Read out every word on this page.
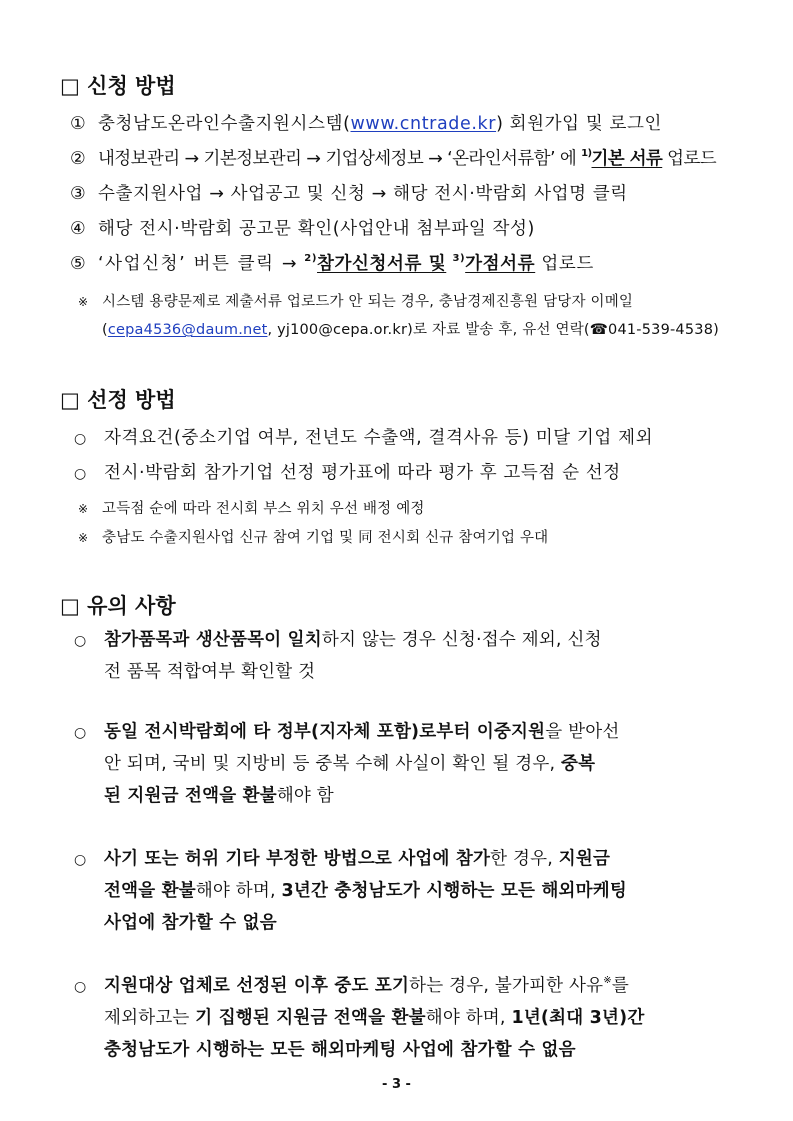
□ 신청 방법
① 충청남도온라인수출지원시스템(www.cntrade.kr) 회원가입 및 로그인
② 내정보관리 → 기본정보관리 → 기업상세정보 → ‘온라인서류함’ 에 $^{1)}$기본 서류 업로드
③ 수출지원사업 → 사업공고 및 신청 → 해당 전시·박람회 사업명 클릭
④ 해당 전시·박람회 공고문 확인(사업안내 첨부파일 작성)
⑤ ‘사업신청’ 버튼 클릭 → $^{2)}$참가신청서류 및 $^{3)}$가점서류 업로드
※ 시스템 용량문제로 제출서류 업로드가 안 되는 경우, 충남경제진흥원 담당자 이메일
(cepa4536@daum.net, yj100@cepa.or.kr)로 자료 발송 후, 유선 연락(☎041-539-4538)
□ 선정 방법
○ 자격요건(중소기업 여부, 전년도 수출액, 결격사유 등) 미달 기업 제외
○ 전시·박람회 참가기업 선정 평가표에 따라 평가 후 고득점 순 선정
※ 고득점 순에 따라 전시회 부스 위치 우선 배정 예정
※ 충남도 수출지원사업 신규 참여 기업 및 同 전시회 신규 참여기업 우대
□ 유의 사항
○ 참가품목과 생산품목이 일치하지 않는 경우 신청·접수 제외, 신청
전 품목 적합여부 확인할 것
○ 동일 전시박람회에 타 정부(지자체 포함)로부터 이중지원을 받아선
안 되며, 국비 및 지방비 등 중복 수혜 사실이 확인 될 경우, 중복
된 지원금 전액을 환불해야 함
○ 사기 또는 허위 기타 부정한 방법으로 사업에 참가한 경우, 지원금
전액을 환불해야 하며, 3년간 충청남도가 시행하는 모든 해외마케팅
사업에 참가할 수 없음
○ 지원대상 업체로 선정된 이후 중도 포기하는 경우, 불가피한 사유※를
제외하고는 기 집행된 지원금 전액을 환불해야 하며, 1년(최대 3년)간
충청남도가 시행하는 모든 해외마케팅 사업에 참가할 수 없음
- 3 -
